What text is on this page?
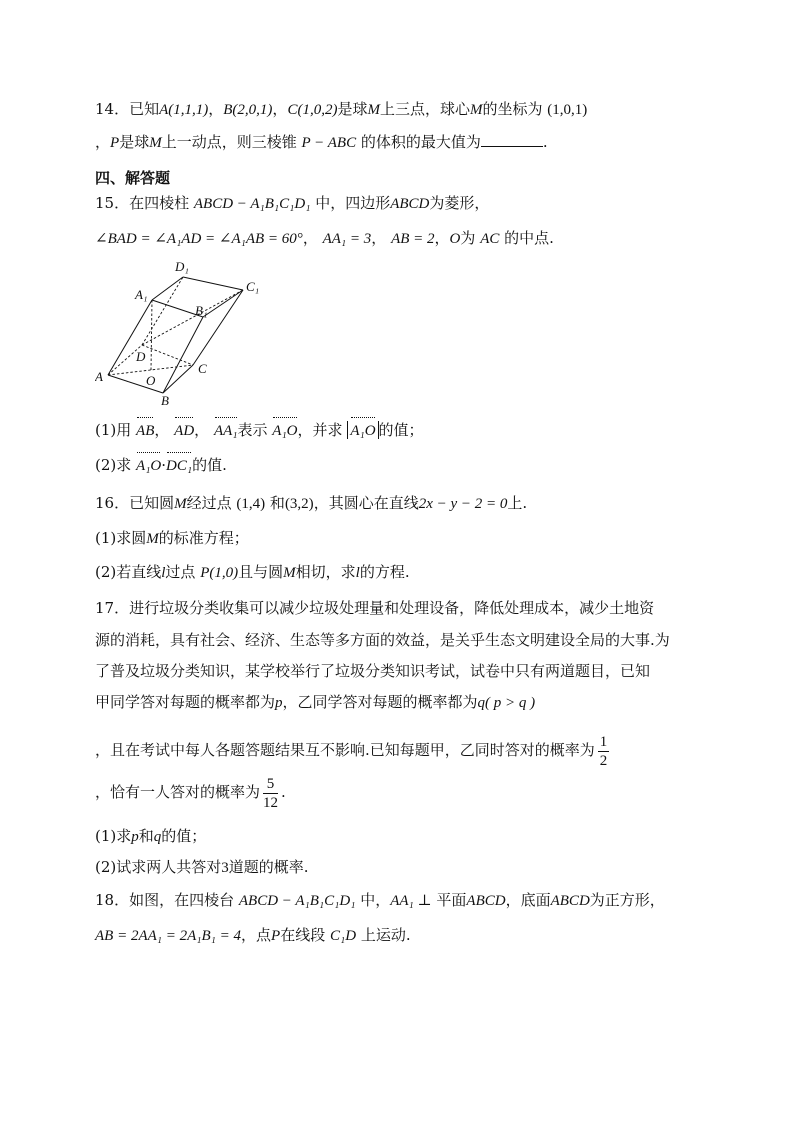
14．已知A(1,1,1)，B(2,0,1)，C(1,0,2)是球M上三点，球心M的坐标为 (1,0,1)
，P是球M上一动点，则三棱锥 P − ABC 的体积的最大值为	.
四、解答题
15．在四棱柱 ABCD − A₁B₁C₁D₁ 中，四边形ABCD为菱形，
∠BAD = ∠A₁AD = ∠A₁AB = 60°， AA₁ = 3， AB = 2，O为 AC 的中点.
D₁
A₁
C₁
B₁
D
A	O
C
B
(1)用 AB， AD， AA₁表示 A₁O，并求 A₁O 的值；
(2)求 A₁O·DC₁的值.
16．已知圆M经过点 (1,4) 和(3,2)，其圆心在直线2x − y − 2 = 0上.
(1)求圆M的标准方程；
(2)若直线l过点 P(1,0)且与圆M相切，求l的方程.
17．进行垃圾分类收集可以减少垃圾处理量和处理设备，降低处理成本，减少土地资
源的消耗，具有社会、经济、生态等多方面的效益，是关乎生态文明建设全局的大事.为
了普及垃圾分类知识，某学校举行了垃圾分类知识考试，试卷中只有两道题目，已知
甲同学答对每题的概率都为p，乙同学答对每题的概率都为q( p > q )
，且在考试中每人各题答题结果互不影响.已知每题甲，乙同时答对的概率为 $\frac{1}{2}$
，恰有一人答对的概率为 $\frac{5}{12}$ .
(1)求p和q的值；
(2)试求两人共答对3道题的概率.
18．如图，在四棱台 ABCD − A₁B₁C₁D₁ 中，AA₁ ⊥ 平面ABCD，底面ABCD为正方形，
AB = 2AA₁ = 2A₁B₁ = 4，点P在线段 C₁D 上运动.
